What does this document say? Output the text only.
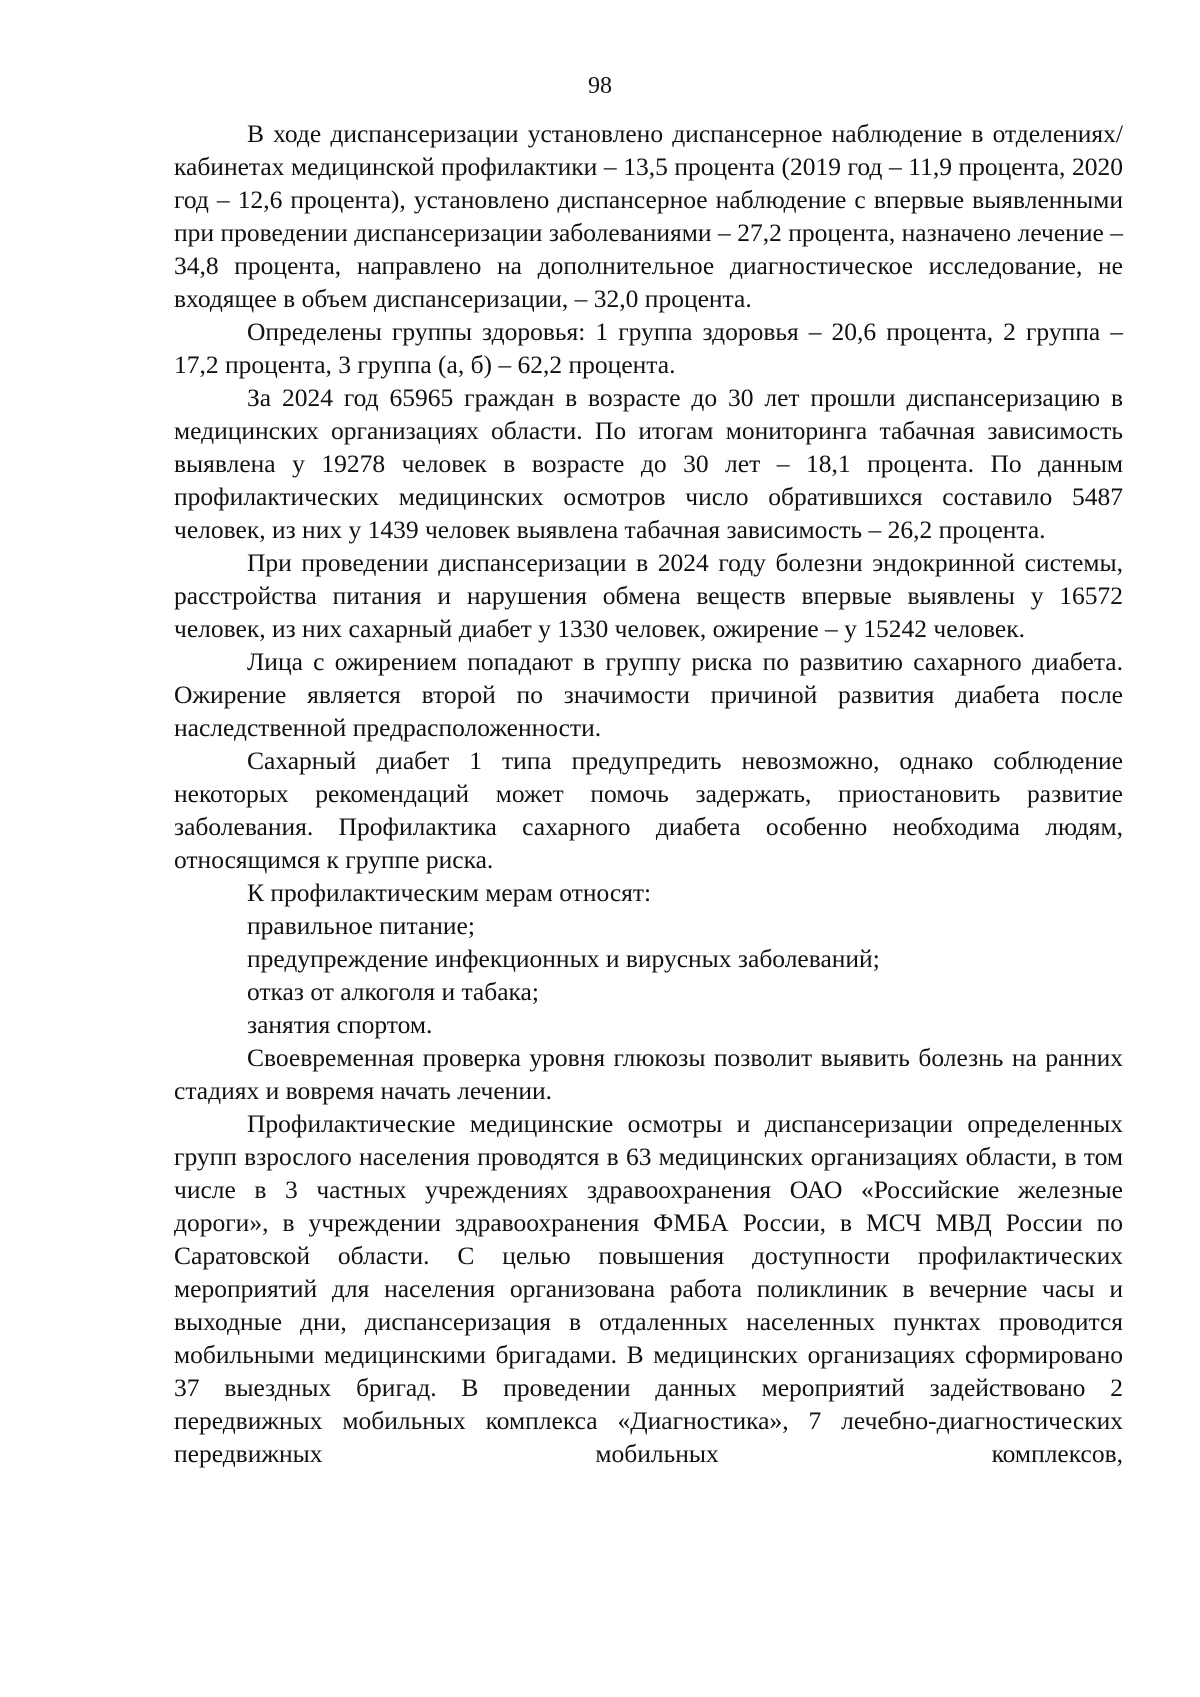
98

В ходе диспансеризации установлено диспансерное наблюдение в отделениях/кабинетах медицинской профилактики – 13,5 процента (2019 год – 11,9 процента, 2020 год – 12,6 процента), установлено диспансерное наблюдение с впервые выявленными при проведении диспансеризации заболеваниями – 27,2 процента, назначено лечение – 34,8 процента, направлено на дополнительное диагностическое исследование, не входящее в объем диспансеризации, – 32,0 процента.

Определены группы здоровья: 1 группа здоровья – 20,6 процента, 2 группа – 17,2 процента, 3 группа (а, б) – 62,2 процента.

За 2024 год 65965 граждан в возрасте до 30 лет прошли диспансеризацию в медицинских организациях области. По итогам мониторинга табачная зависимость выявлена у 19278 человек в возрасте до 30 лет – 18,1 процента. По данным профилактических медицинских осмотров число обратившихся составило 5487 человек, из них у 1439 человек выявлена табачная зависимость – 26,2 процента.

При проведении диспансеризации в 2024 году болезни эндокринной системы, расстройства питания и нарушения обмена веществ впервые выявлены у 16572 человек, из них сахарный диабет у 1330 человек, ожирение – у 15242 человек.

Лица с ожирением попадают в группу риска по развитию сахарного диабета. Ожирение является второй по значимости причиной развития диабета после наследственной предрасположенности.

Сахарный диабет 1 типа предупредить невозможно, однако соблюдение некоторых рекомендаций может помочь задержать, приостановить развитие заболевания. Профилактика сахарного диабета особенно необходима людям, относящимся к группе риска.

К профилактическим мерам относят:

правильное питание;

предупреждение инфекционных и вирусных заболеваний;

отказ от алкоголя и табака;

занятия спортом.

Своевременная проверка уровня глюкозы позволит выявить болезнь на ранних стадиях и вовремя начать лечении.

Профилактические медицинские осмотры и диспансеризации определенных групп взрослого населения проводятся в 63 медицинских организациях области, в том числе в 3 частных учреждениях здравоохранения ОАО «Российские железные дороги», в учреждении здравоохранения ФМБА России, в МСЧ МВД России по Саратовской области. С целью повышения доступности профилактических мероприятий для населения организована работа поликлиник в вечерние часы и выходные дни, диспансеризация в отдаленных населенных пунктах проводится мобильными медицинскими бригадами. В медицинских организациях сформировано 37 выездных бригад. В проведении данных мероприятий задействовано 2 передвижных мобильных комплекса «Диагностика», 7 лечебно-диагностических передвижных мобильных комплексов,
